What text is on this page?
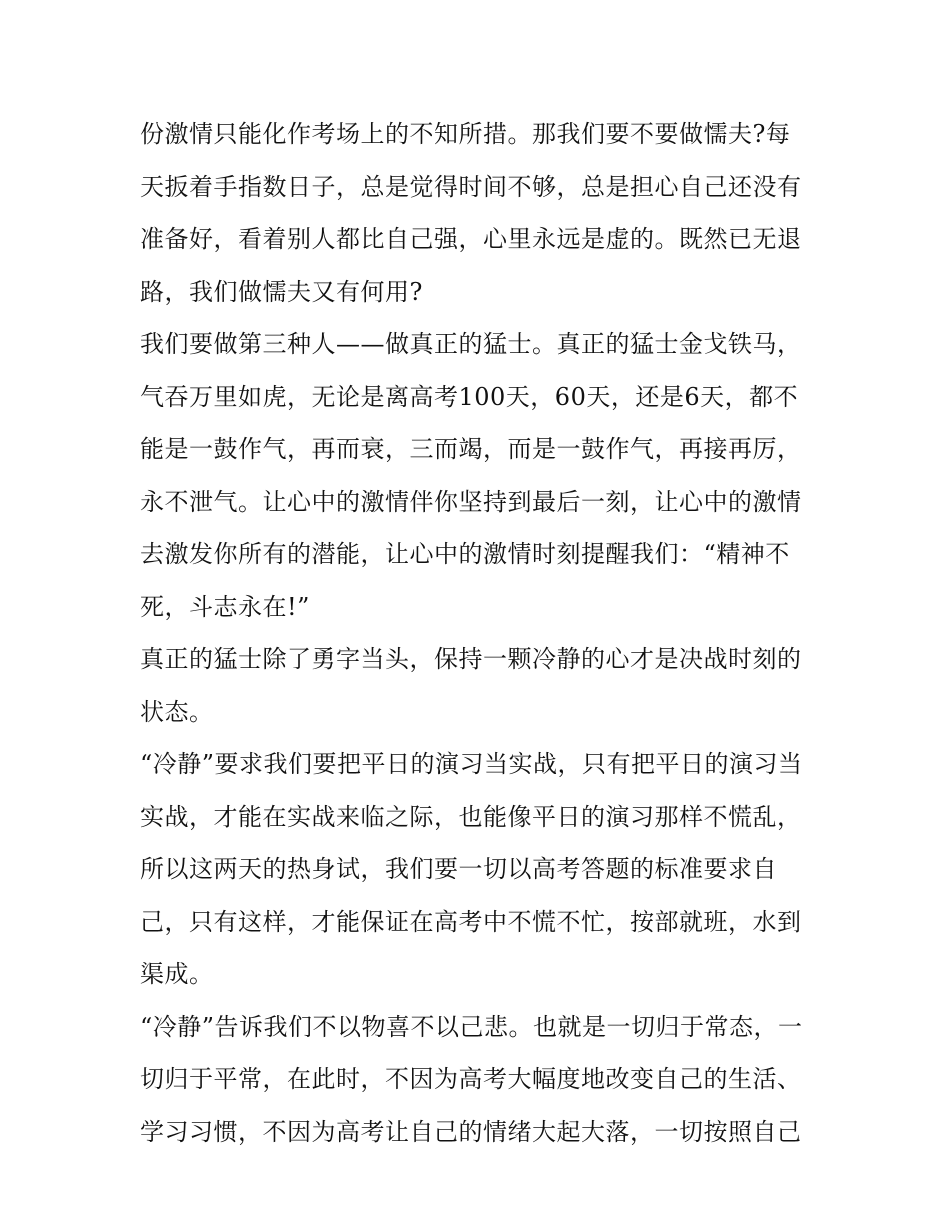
份激情只能化作考场上的不知所措。那我们要不要做懦夫?每
天扳着手指数日子，总是觉得时间不够，总是担心自己还没有
准备好，看着别人都比自己强，心里永远是虚的。既然已无退
路，我们做懦夫又有何用?
我们要做第三种人——做真正的猛士。真正的猛士金戈铁马，
气吞万里如虎，无论是离高考100天，60天，还是6天，都不
能是一鼓作气，再而衰，三而竭，而是一鼓作气，再接再厉，
永不泄气。让心中的激情伴你坚持到最后一刻，让心中的激情
去激发你所有的潜能，让心中的激情时刻提醒我们：“精神不
死，斗志永在!”
真正的猛士除了勇字当头，保持一颗冷静的心才是决战时刻的
状态。
“冷静”要求我们要把平日的演习当实战，只有把平日的演习当
实战，才能在实战来临之际，也能像平日的演习那样不慌乱，
所以这两天的热身试，我们要一切以高考答题的标准要求自
己，只有这样，才能保证在高考中不慌不忙，按部就班，水到
渠成。
“冷静”告诉我们不以物喜不以己悲。也就是一切归于常态，一
切归于平常，在此时，不因为高考大幅度地改变自己的生活、
学习习惯，不因为高考让自己的情绪大起大落，一切按照自己
